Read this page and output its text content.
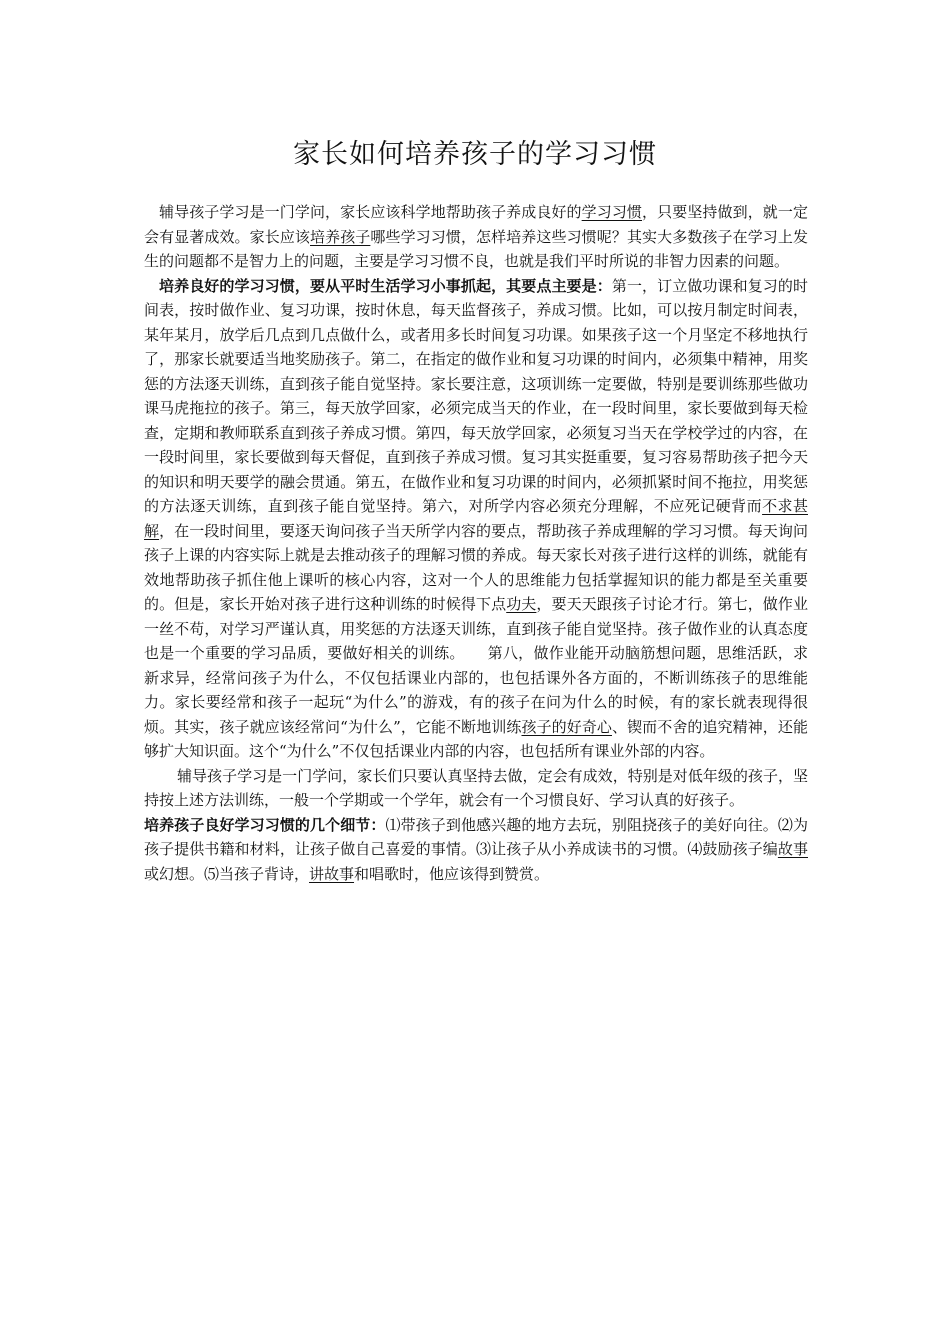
家长如何培养孩子的学习习惯

辅导孩子学习是一门学问，家长应该科学地帮助孩子养成良好的学习习惯，只要坚持做到，就一定会有显著成效。家长应该培养孩子哪些学习习惯，怎样培养这些习惯呢？其实大多数孩子在学习上发生的问题都不是智力上的问题，主要是学习习惯不良，也就是我们平时所说的非智力因素的问题。

培养良好的学习习惯，要从平时生活学习小事抓起，其要点主要是：第一，订立做功课和复习的时间表，按时做作业、复习功课，按时休息，每天监督孩子，养成习惯。比如，可以按月制定时间表，某年某月，放学后几点到几点做什么，或者用多长时间复习功课。如果孩子这一个月坚定不移地执行了，那家长就要适当地奖励孩子。第二，在指定的做作业和复习功课的时间内，必须集中精神，用奖惩的方法逐天训练，直到孩子能自觉坚持。家长要注意，这项训练一定要做，特别是要训练那些做功课马虎拖拉的孩子。第三，每天放学回家，必须完成当天的作业，在一段时间里，家长要做到每天检查，定期和教师联系直到孩子养成习惯。第四，每天放学回家，必须复习当天在学校学过的内容，在一段时间里，家长要做到每天督促，直到孩子养成习惯。复习其实挺重要，复习容易帮助孩子把今天的知识和明天要学的融会贯通。第五，在做作业和复习功课的时间内，必须抓紧时间不拖拉，用奖惩的方法逐天训练，直到孩子能自觉坚持。第六，对所学内容必须充分理解，不应死记硬背而不求甚解，在一段时间里，要逐天询问孩子当天所学内容的要点，帮助孩子养成理解的学习习惯。每天询问孩子上课的内容实际上就是去推动孩子的理解习惯的养成。每天家长对孩子进行这样的训练，就能有效地帮助孩子抓住他上课听的核心内容，这对一个人的思维能力包括掌握知识的能力都是至关重要的。但是，家长开始对孩子进行这种训练的时候得下点功夫，要天天跟孩子讨论才行。第七，做作业一丝不苟，对学习严谨认真，用奖惩的方法逐天训练，直到孩子能自觉坚持。孩子做作业的认真态度也是一个重要的学习品质，要做好相关的训练。　　第八，做作业能开动脑筋想问题，思维活跃，求新求异，经常问孩子为什么，不仅包括课业内部的，也包括课外各方面的，不断训练孩子的思维能力。家长要经常和孩子一起玩“为什么”的游戏，有的孩子在问为什么的时候，有的家长就表现得很烦。其实，孩子就应该经常问“为什么”，它能不断地训练孩子的好奇心、锲而不舍的追究精神，还能够扩大知识面。这个“为什么”不仅包括课业内部的内容，也包括所有课业外部的内容。

辅导孩子学习是一门学问，家长们只要认真坚持去做，定会有成效，特别是对低年级的孩子，坚持按上述方法训练，一般一个学期或一个学年，就会有一个习惯良好、学习认真的好孩子。

培养孩子良好学习习惯的几个细节：⑴带孩子到他感兴趣的地方去玩，别阻挠孩子的美好向往。⑵为孩子提供书籍和材料，让孩子做自己喜爱的事情。⑶让孩子从小养成读书的习惯。⑷鼓励孩子编故事或幻想。⑸当孩子背诗，讲故事和唱歌时，他应该得到赞赏。
